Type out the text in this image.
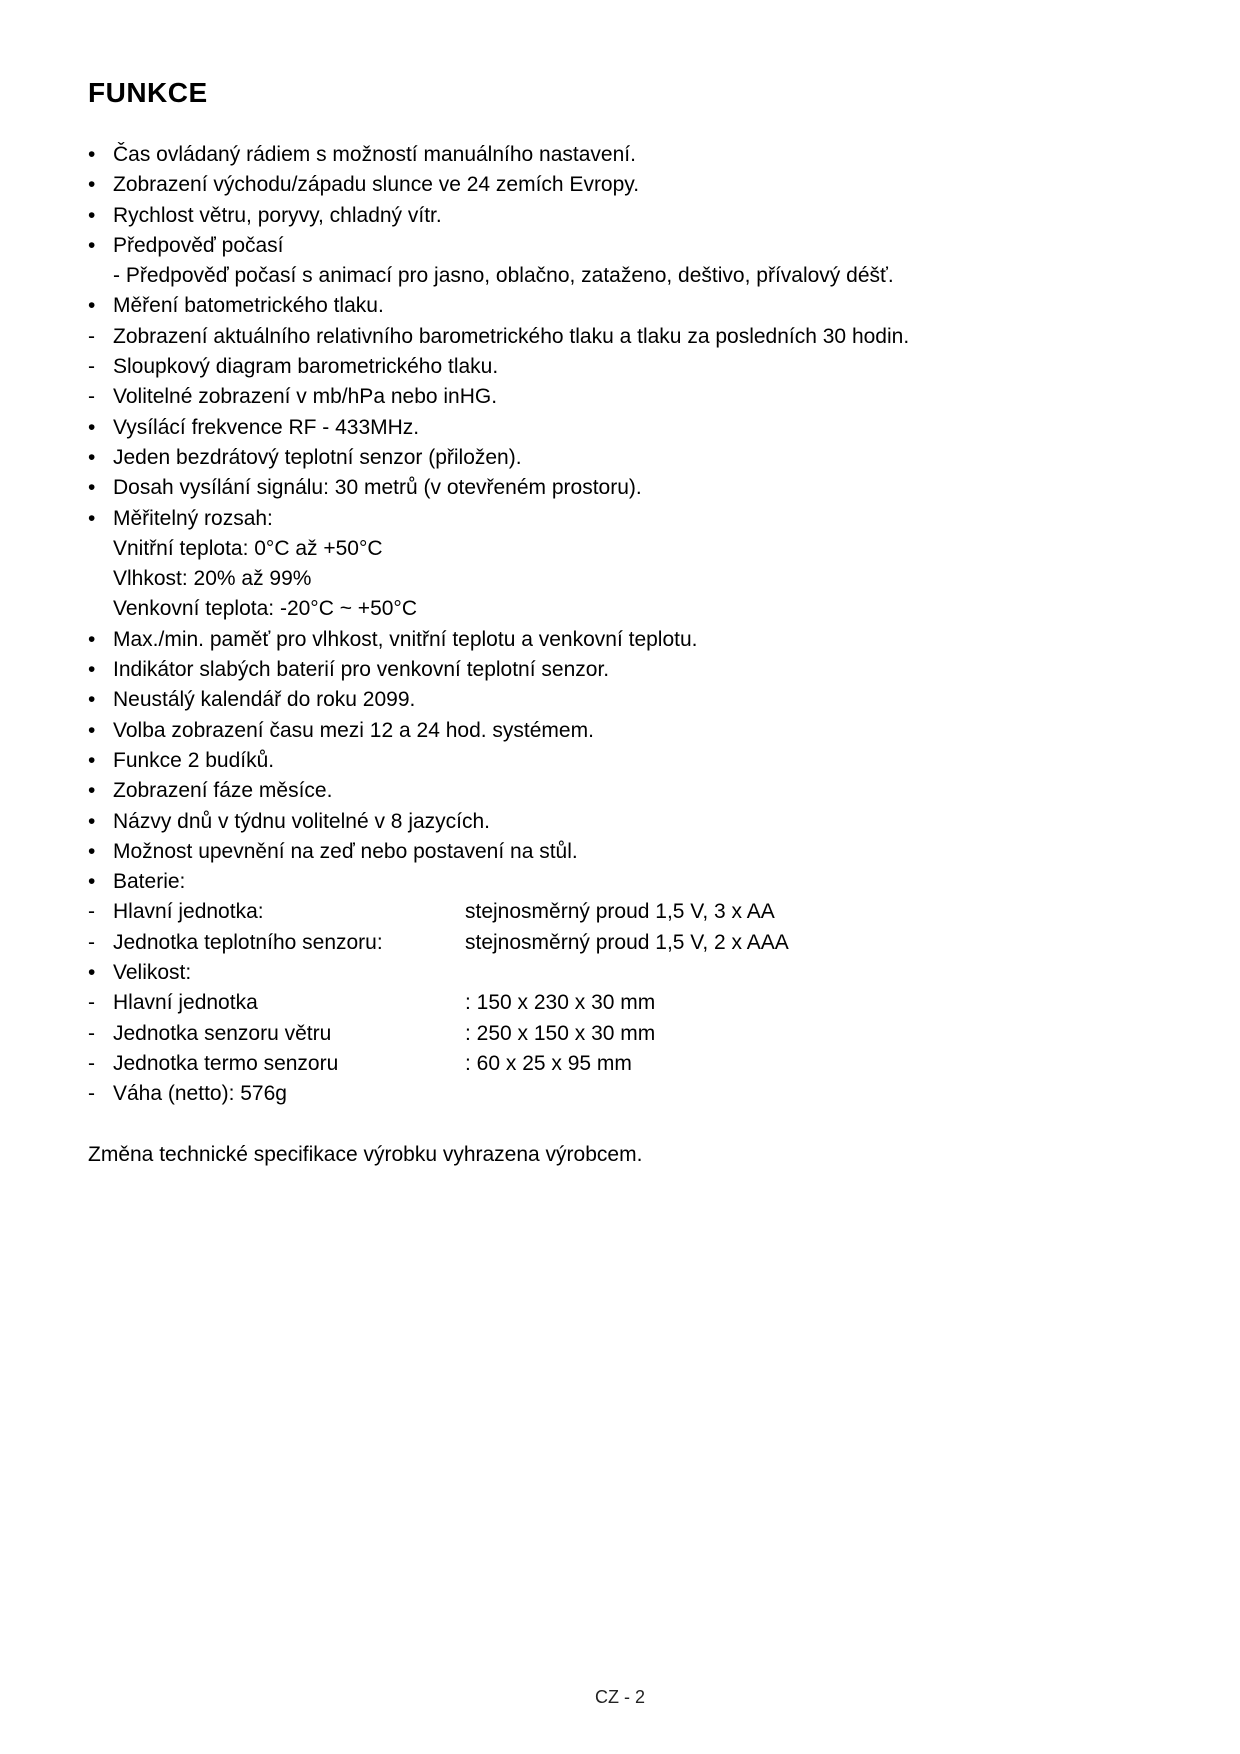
FUNKCE
• Čas ovládaný rádiem s možností manuálního nastavení.
• Zobrazení východu/západu slunce ve 24 zemích Evropy.
• Rychlost větru, poryvy, chladný vítr.
• Předpověď počasí
- Předpověď počasí s animací pro jasno, oblačno, zataženo, deštivo, přívalový déšť.
• Měření batometrického tlaku.
- Zobrazení aktuálního relativního barometrického tlaku a tlaku za posledních 30 hodin.
- Sloupkový diagram barometrického tlaku.
- Volitelné zobrazení v mb/hPa nebo inHG.
• Vysílácí frekvence RF - 433MHz.
• Jeden bezdrátový teplotní senzor (přiložen).
• Dosah vysílání signálu: 30 metrů (v otevřeném prostoru).
• Měřitelný rozsah:
Vnitřní teplota: 0°C až +50°C
Vlhkost: 20% až 99%
Venkovní teplota: -20°C ~ +50°C
• Max./min. paměť pro vlhkost, vnitřní teplotu a venkovní teplotu.
• Indikátor slabých baterií pro venkovní teplotní senzor.
• Neustálý kalendář do roku 2099.
• Volba zobrazení času mezi 12 a 24 hod. systémem.
• Funkce 2 budíků.
• Zobrazení fáze měsíce.
• Názvy dnů v týdnu volitelné v 8 jazycích.
• Možnost upevnění na zeď nebo postavení na stůl.
• Baterie:
- Hlavní jednotka:	stejnosměrný proud 1,5 V, 3 x AA
- Jednotka teplotního senzoru:	stejnosměrný proud 1,5 V, 2 x AAA
• Velikost:
- Hlavní jednotka	: 150 x 230 x 30 mm
- Jednotka senzoru větru	: 250 x 150 x 30 mm
- Jednotka termo senzoru	: 60 x 25 x 95 mm
- Váha (netto): 576g

Změna technické specifikace výrobku vyhrazena výrobcem.

CZ - 2
